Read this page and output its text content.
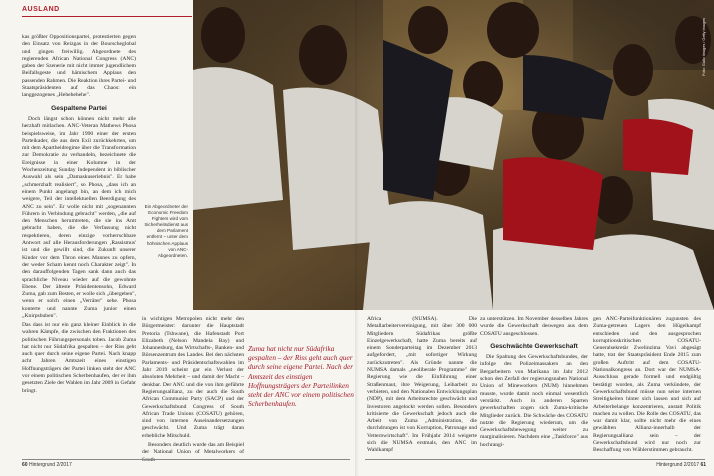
AUSLAND

kas größter Oppositionspartei, protestierten gegen den Einsatz von Reizgas in der Bourscheglobal und gingen freiwillig. Abgeordnete des regierenden African National Congress (ANC) gaben der Szenerie mit nicht immer jugendlichem Beifallsgeste und hämischem Applaus den passenden Rahmen. Die Reaktion ihres Partei- und Staatspräsidenten auf das Chaos: ein langgezogenes „Hehehehehe".

Gespaltene Partei

Doch längst schon können nicht mehr alle herzhaft mitlachen. ANC-Veteran Mathews Phosa beispielsweise, im Jahr 1990 einer der ersten Parteikader, die aus dem Exil zurückkehrten, um mit dem Apartheidregime über die Transformation zur Demokratie zu verhandeln, bezeichnete die Ereignisse in einer Kolumne in der Wochenzeitung Sunday Independent in biblischer Auswahl als sein „Damaskuserlebnis". Er habe „schmerzhaft realisiert", so Phosa, „dass ich an einem Punkt angelangt bin, an dem ich mich weigere, Teil der intellektuellen Beerdigung des ANC zu sein". Er wolle nicht mit „sogenannten Führern in Verbindung gebracht" werden, „die auf den Menschen herumtreten, die sie ins Amt gebracht haben, die die Verfassung nicht respektieren, deren einzige vorherrschbare Antwort auf alle Herausforderungen ‚Rassismus' ist und die gewillt sind, die Zukunft unserer Kinder vor dem Thron eines Mannes zu opfern, der weder Scham kennt noch Charakter zeigt". In den darauffolgenden Tagen sank dann auch das sprachliche Niveau wieder auf die gewohnte Ebene. Der älteste Präsidentensohn, Edward Zuma, gab zum Besten, er wolle sich „übergeben", wenn er solch einen „Verräter" sehe. Phosa konterte und nannte Zuma junior einen „Knirpsbuben".

Ein Abgeordneter der Economic Freedom Fighters wird vom Sicherheitsdienst aus dem Parlament entfernt – unter dem höhnischen Applaus von ANC-Abgeordneten.

in wichtigen Metropolen nicht mehr den Bürgermeister: darunter die Hauptstadt Pretoria (Tshwane), die Hafenstadt Port Elizabeth (Nelson Mandela Bay) und Johannesburg, das Wirtschafts-, Banken- und Börsenzentrum des Landes. Bei den nächsten Parlaments- und Präsidentschaftswahlen im Jahr 2019 scheint gar ein Verlust der absoluten Mehrheit – und damit der Macht – denkbar. Der ANC und die von ihm geführte Regierungsallianz, zu der auch die South African Communist Party (SACP) und der Gewerkschaftsbund Congress of South African Trade Unions (COSATU) gehören, sind von internen Auseinandersetzungen geschwächt. Und Zuma trägt daran erhebliche Mitschuld.

Besonders deutlich wurde das am Beispiel der National Union of Metalworkers of South

60 Hintergrund 2/2017

zu unterstützen. Im November desselben Jahres wurde die Gewerkschaft deswegen aus dem COSATU ausgeschlossen.

Geschwächte Gewerkschaft

Die Spaltung des Gewerkschaftsbundes, der infolge des Polizeimassakers an den Bergarbeitern von Marikana im Jahr 2012 schon den Zerfall der regierungsnahen National Union of Mineworkers (NUM) hinnehmen musste, wurde damit noch einmal wesentlich verstärkt. Auch in anderen Sparten gewerkschaften zogen sich Zuma-kritische Mitglieder zurück. Die Schwäche des COSATU nutzte die Regierung wiederum, um die Gewerkschaftsbewegung weiter zu marginalisieren. Nachdem eine „Taskforce" aus hochrangi-

gen ANC-Parteifunktionären zugunsten des Zuma-getreuen Lagers den Hügelkampf entschieden und den ausgesprochen korruptionskritischen COSATU-Generalsekretär Zwelinzima Vavi abgesägt hatte, trat der Staatspräsident Ende 2015 zum großen Auftritt auf dem COSATU-Nationalkongress an. Dort war der NUMSA-Ausschluss gerade formell und endgültig bestätigt worden, als Zuma verkündete, der Gewerkschaftsbund müsse nun seine internen Streitigkeiten hinter sich lassen und sich auf Arbeiterbelange konzentrieren, anstatt Politik machen zu wollen. Die Rolle des COSATU, das war damit klar, sollte nicht mehr die eines gewählten Allianz-innerhalb der Regierungsallianz sein – der Gewerkschaftsbund wird nur noch zur Beschaffung von Wählerstimmen gebraucht.

Hintergrund 2/2017 61
Foto: Gallo Images / Getty Images

Das dass ist nur ein ganz kleiner Einblick in die wahren Kämpfe, die zwischen den Fraktionen des politischen Führungspersonals toben. Jacob Zuma hat nicht nur Südafrika gespalten – der Riss geht auch quer durch seine eigene Partei. Nach knapp acht Jahren Amtszeit eines einstigen Hoffnungsträgers der Partei linken steht der ANC vor einem politischen Scherbenhaufen, der er ihm gesetzten Ziele der Wahlen im Jahr 2009 in Gefahr bringt.

Zuma hat nicht nur Südafrika gespalten – der Riss geht auch quer durch seine eigene Partei. Nach der Amtszeit des einstigen Hoffnungsträgers der Parteilinken steht der ANC vor einem politischen Scherbenhaufen.

Africa (NUMSA). Die Metallarbeitervereinigung, mit über 300 000 Mitgliedern Südafrikas größte Einzelgewerkschaft, hatte Zuma bereits auf einem Sonderparteitag im Dezember 2013 aufgefordert, „mit sofortiger Wirkung zurückzutreten". Als Gründe nannte die NUMSA damals „neoliberale Programme" der Regierung wie die Einführung einer Straßenmaut, ihre Weigerung, Leiharbeit zu verbieten, und den Nationalen Entwicklungsplan (NDP), mit dem Arbeitsrechte geschwächt und Investoren angelockt werden sollen. Besonders kritisierte die Gewerkschaft jedoch auch die Arbeit von Zuma „Administration, die durchdrungen ist von Korruption, Patronage und Vetternwirtschaft". Im Frühjahr 2014 weigerte sich die NUMSA erstmals, den ANC im Wahlkampf
